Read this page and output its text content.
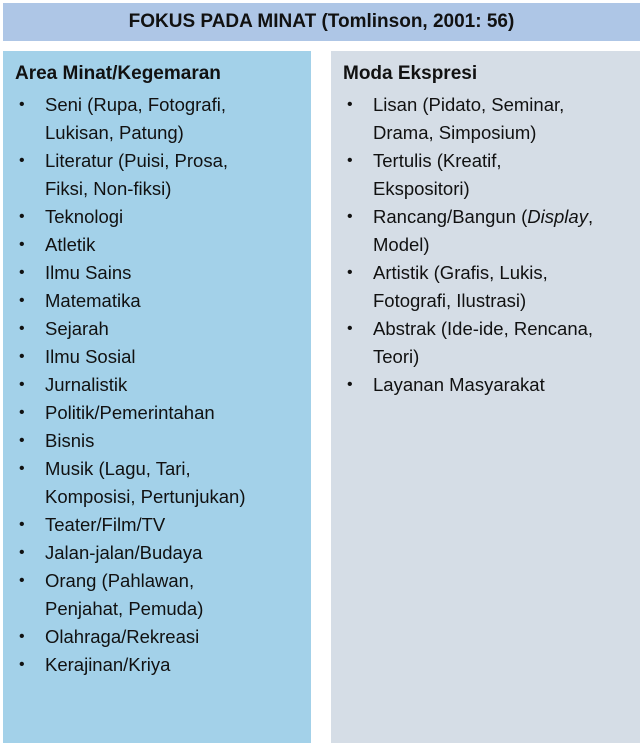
FOKUS PADA MINAT (Tomlinson, 2001: 56)
Area Minat/Kegemaran
• Seni (Rupa, Fotografi,
Lukisan, Patung)
• Literatur (Puisi, Prosa,
Fiksi, Non-fiksi)
• Teknologi
• Atletik
• Ilmu Sains
• Matematika
• Sejarah
• Ilmu Sosial
• Jurnalistik
• Politik/Pemerintahan
• Bisnis
• Musik (Lagu, Tari,
Komposisi, Pertunjukan)
• Teater/Film/TV
• Jalan-jalan/Budaya
• Orang (Pahlawan,
Penjahat, Pemuda)
• Olahraga/Rekreasi
• Kerajinan/Kriya
Moda Ekspresi
• Lisan (Pidato, Seminar,
Drama, Simposium)
• Tertulis (Kreatif,
Ekspositori)
• Rancang/Bangun (Display,
Model)
• Artistik (Grafis, Lukis,
Fotografi, Ilustrasi)
• Abstrak (Ide-ide, Rencana,
Teori)
• Layanan Masyarakat
